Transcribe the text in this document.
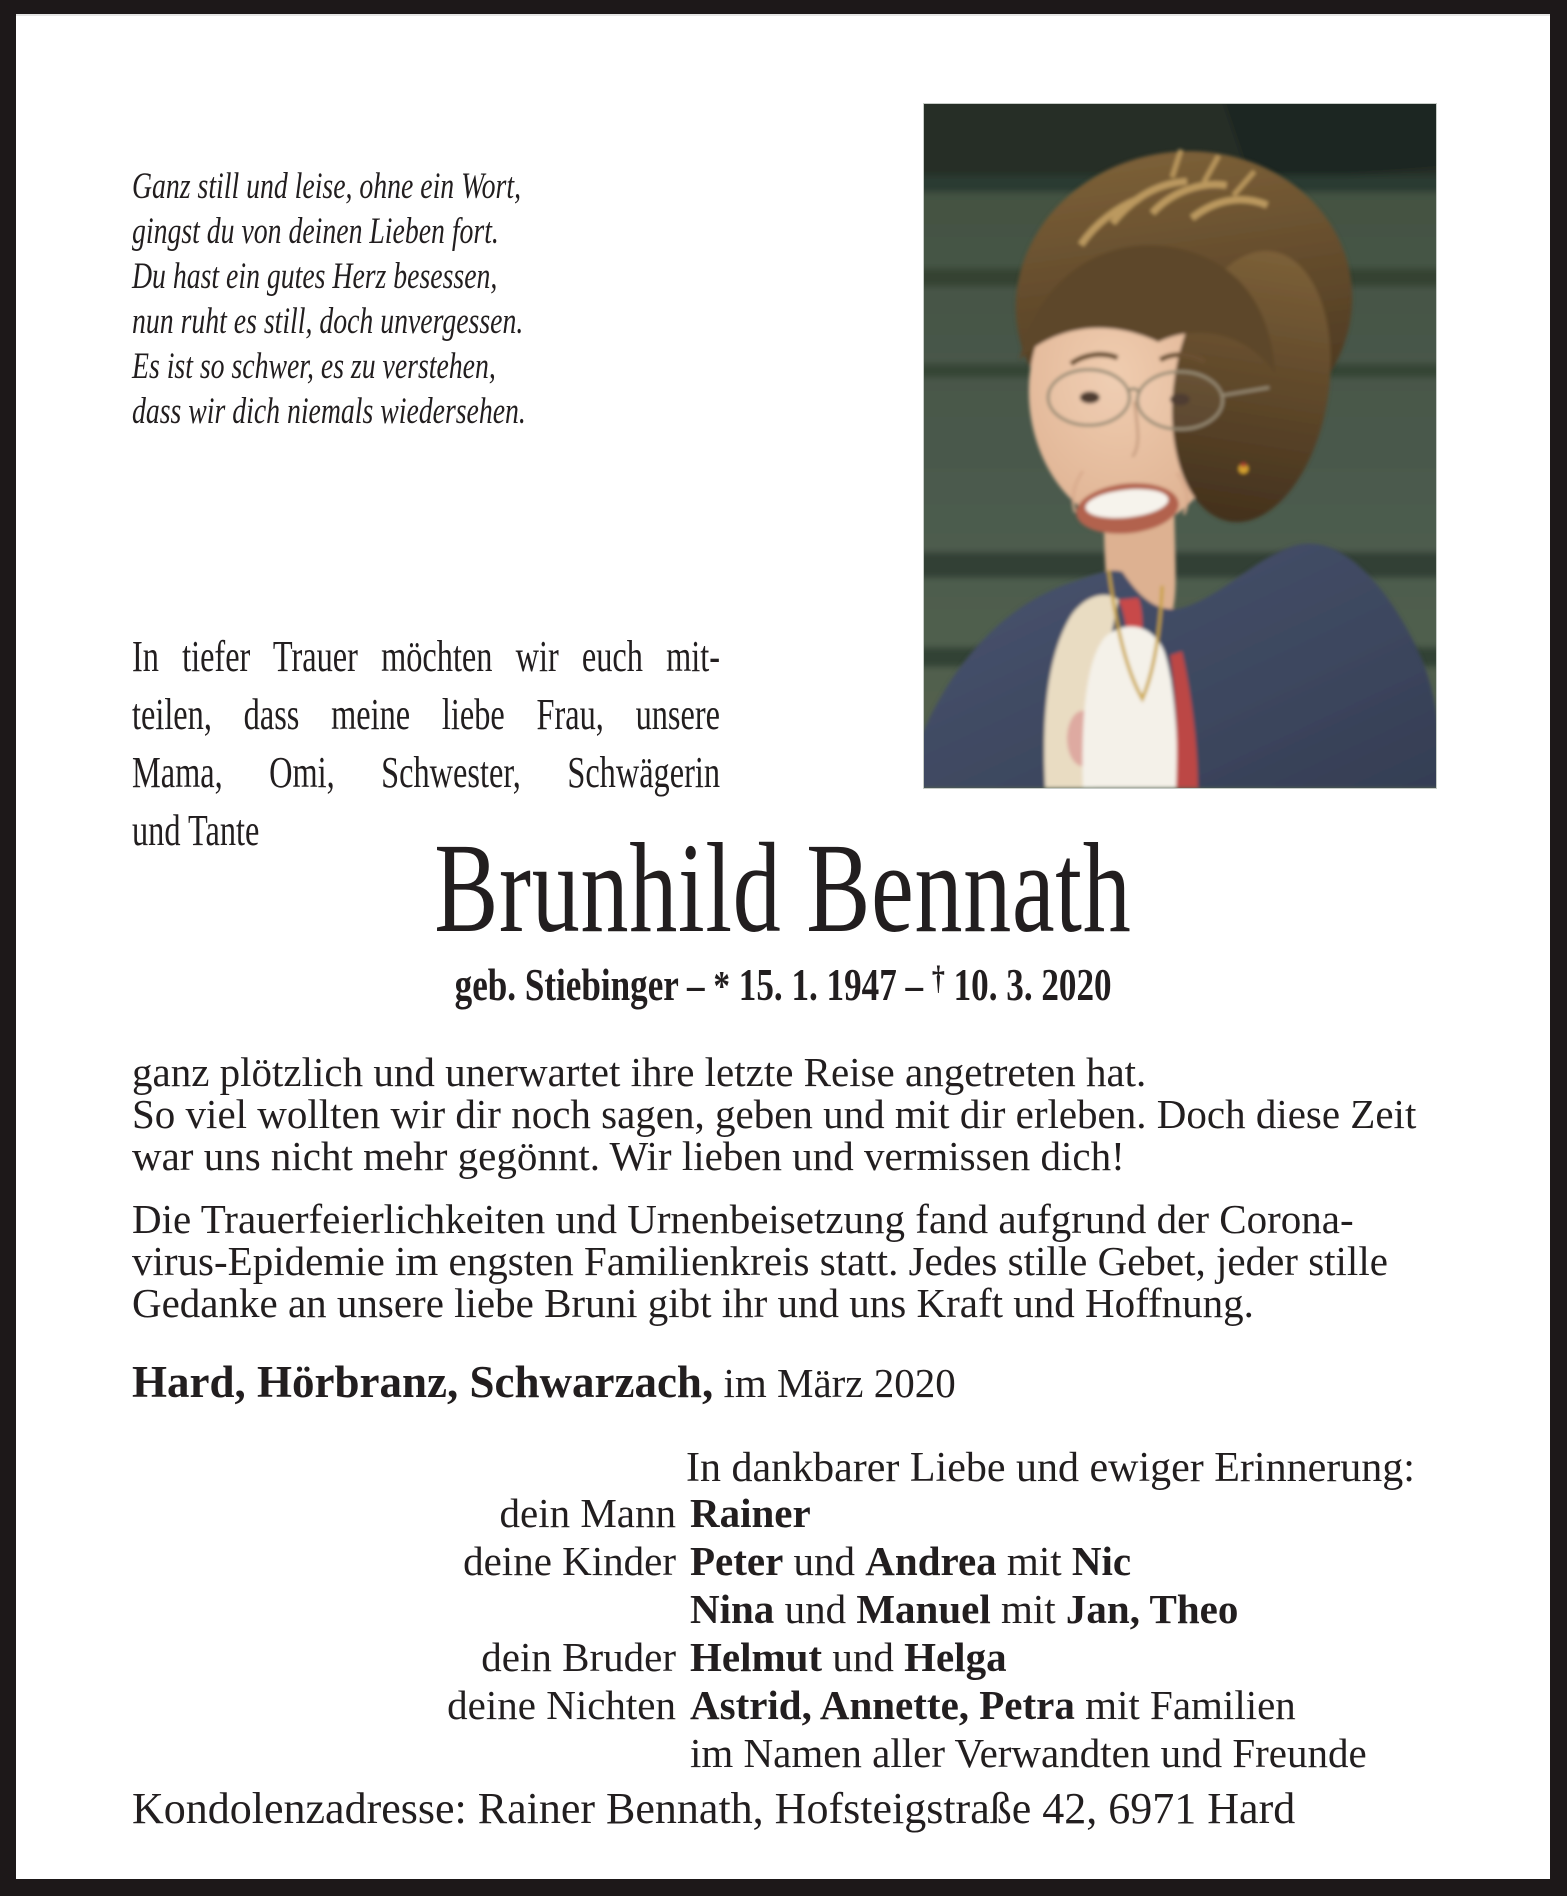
Ganz still und leise, ohne ein Wort,
gingst du von deinen Lieben fort.
Du hast ein gutes Herz besessen,
nun ruht es still, doch unvergessen.
Es ist so schwer, es zu verstehen,
dass wir dich niemals wiedersehen.
In tiefer Trauer möchten wir euch mit-
teilen, dass meine liebe Frau, unsere
Mama, Omi, Schwester, Schwägerin
und Tante	Brunhild Bennath
geb. Stiebinger – * 15. 1. 1947 – † 10. 3. 2020
ganz plötzlich und unerwartet ihre letzte Reise angetreten hat.
So viel wollten wir dir noch sagen, geben und mit dir erleben. Doch diese Zeit
war uns nicht mehr gegönnt. Wir lieben und vermissen dich!
Die Trauerfeierlichkeiten und Urnenbeisetzung fand aufgrund der Corona-
virus-Epidemie im engsten Familienkreis statt. Jedes stille Gebet, jeder stille
Gedanke an unsere liebe Bruni gibt ihr und uns Kraft und Hoffnung.
Hard, Hörbranz, Schwarzach, im März 2020
In dankbarer Liebe und ewiger Erinnerung:
dein Mann Rainer
deine Kinder Peter und Andrea mit Nic
Nina und Manuel mit Jan, Theo
dein Bruder Helmut und Helga
deine Nichten Astrid, Annette, Petra mit Familien
im Namen aller Verwandten und Freunde
Kondolenzadresse: Rainer Bennath, Hofsteigstraße 42, 6971 Hard
